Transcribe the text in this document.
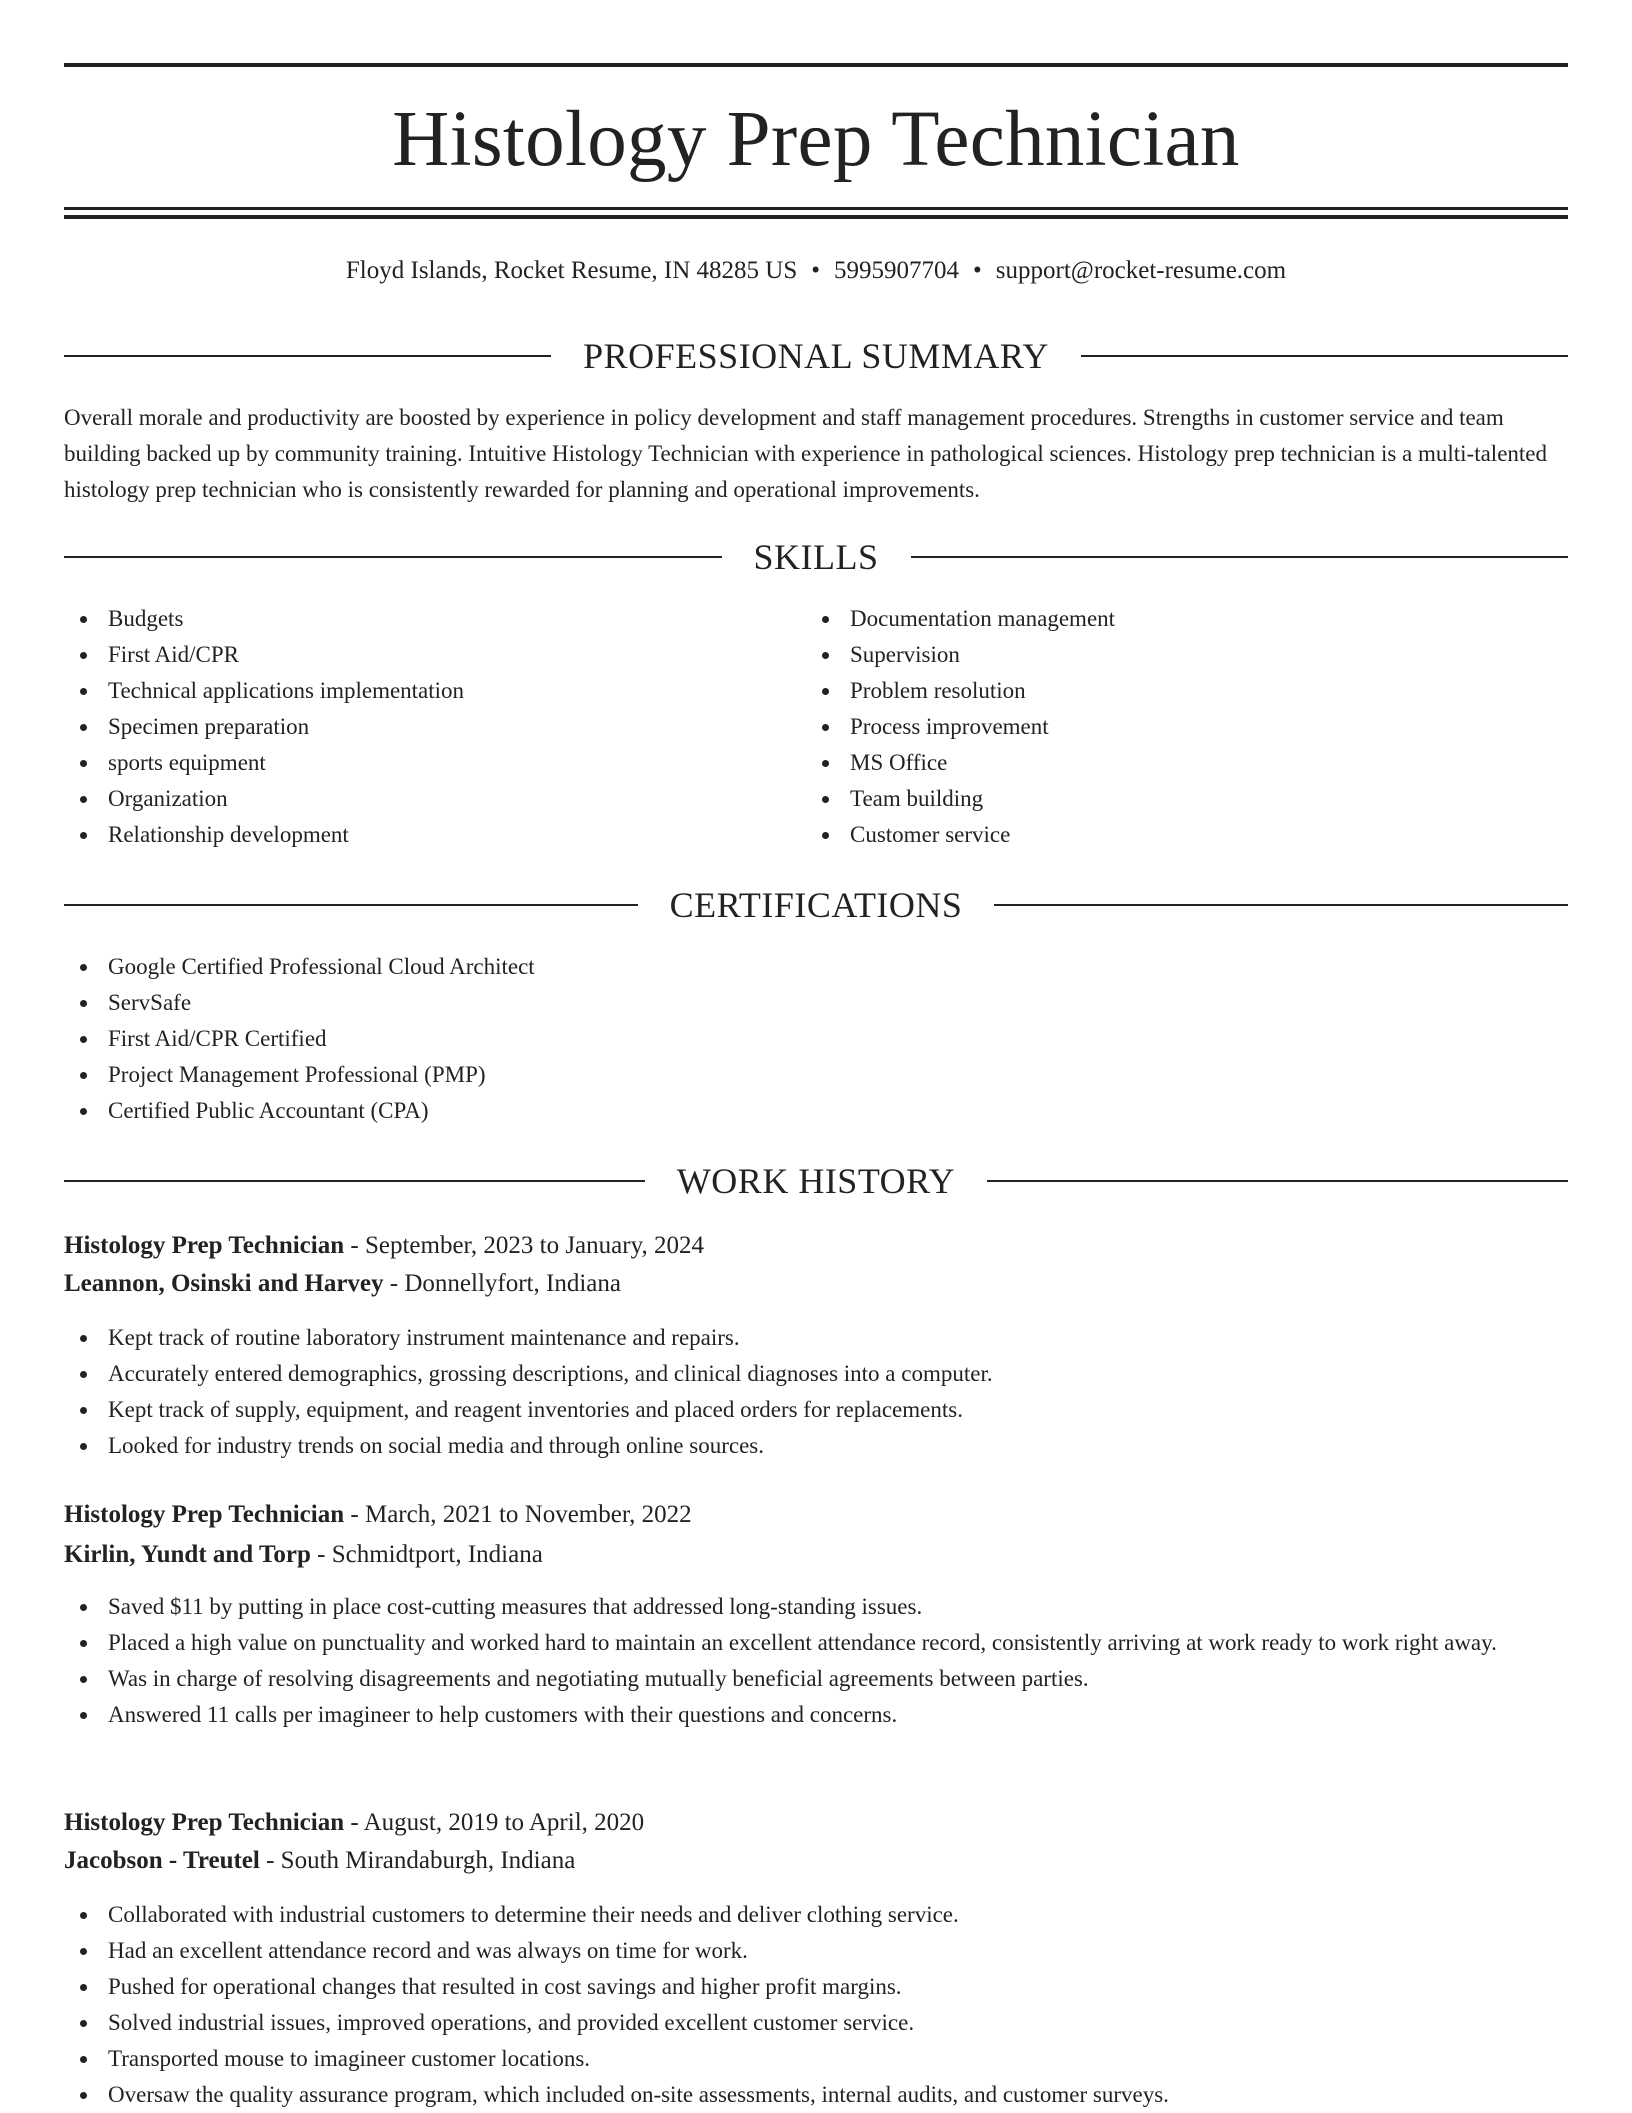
Histology Prep Technician
Floyd Islands, Rocket Resume, IN 48285 US • 5995907704 • support@rocket-resume.com
PROFESSIONAL SUMMARY
Overall morale and productivity are boosted by experience in policy development and staff management procedures. Strengths in customer service and team building backed up by community training. Intuitive Histology Technician with experience in pathological sciences. Histology prep technician is a multi-talented histology prep technician who is consistently rewarded for planning and operational improvements.
SKILLS
Budgets
First Aid/CPR
Technical applications implementation
Specimen preparation
sports equipment
Organization
Relationship development
Documentation management
Supervision
Problem resolution
Process improvement
MS Office
Team building
Customer service
CERTIFICATIONS
Google Certified Professional Cloud Architect
ServSafe
First Aid/CPR Certified
Project Management Professional (PMP)
Certified Public Accountant (CPA)
WORK HISTORY
Histology Prep Technician - September, 2023 to January, 2024
Leannon, Osinski and Harvey - Donnellyfort, Indiana
Kept track of routine laboratory instrument maintenance and repairs.
Accurately entered demographics, grossing descriptions, and clinical diagnoses into a computer.
Kept track of supply, equipment, and reagent inventories and placed orders for replacements.
Looked for industry trends on social media and through online sources.
Histology Prep Technician - March, 2021 to November, 2022
Kirlin, Yundt and Torp - Schmidtport, Indiana
Saved $11 by putting in place cost-cutting measures that addressed long-standing issues.
Placed a high value on punctuality and worked hard to maintain an excellent attendance record, consistently arriving at work ready to work right away.
Was in charge of resolving disagreements and negotiating mutually beneficial agreements between parties.
Answered 11 calls per imagineer to help customers with their questions and concerns.
Histology Prep Technician - August, 2019 to April, 2020
Jacobson - Treutel - South Mirandaburgh, Indiana
Collaborated with industrial customers to determine their needs and deliver clothing service.
Had an excellent attendance record and was always on time for work.
Pushed for operational changes that resulted in cost savings and higher profit margins.
Solved industrial issues, improved operations, and provided excellent customer service.
Transported mouse to imagineer customer locations.
Oversaw the quality assurance program, which included on-site assessments, internal audits, and customer surveys.
